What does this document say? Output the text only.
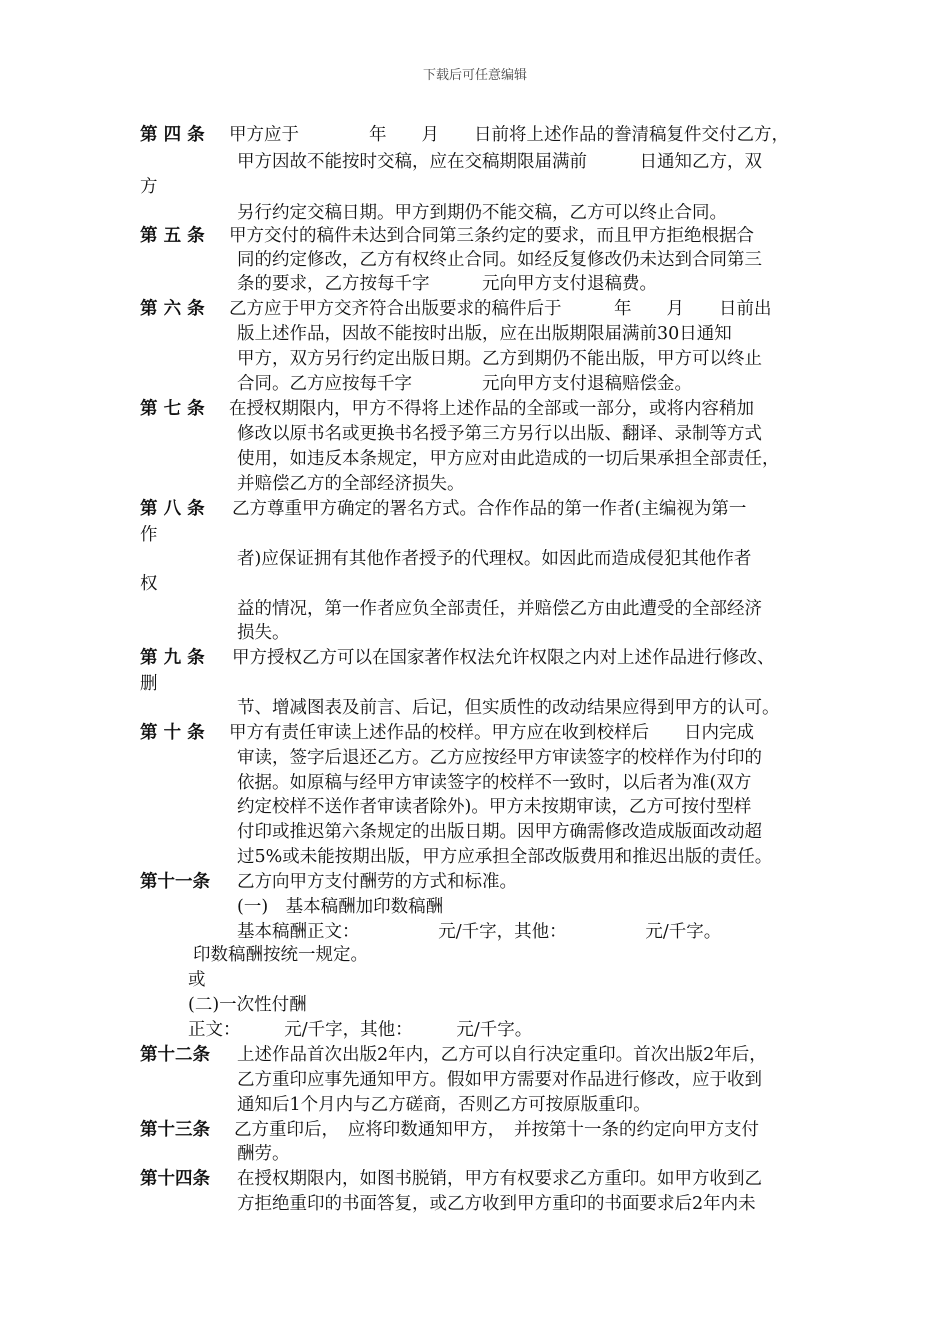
下载后可任意编辑
第 四 条 甲方应于　　　　年　　月　　日前将上述作品的誊清稿复件交付乙方，
甲方因故不能按时交稿，应在交稿期限届满前　　　日通知乙方，双
方
另行约定交稿日期。甲方到期仍不能交稿，乙方可以终止合同。
第 五 条 甲方交付的稿件未达到合同第三条约定的要求，而且甲方拒绝根据合
同的约定修改，乙方有权终止合同。如经反复修改仍未达到合同第三
条的要求，乙方按每千字　　　元向甲方支付退稿费。
第 六 条 乙方应于甲方交齐符合出版要求的稿件后于　　　年　　月　　日前出
版上述作品，因故不能按时出版，应在出版期限届满前30日通知
甲方，双方另行约定出版日期。乙方到期仍不能出版，甲方可以终止
合同。乙方应按每千字　　　　元向甲方支付退稿赔偿金。
第 七 条 在授权期限内，甲方不得将上述作品的全部或一部分，或将内容稍加
修改以原书名或更换书名授予第三方另行以出版、翻译、录制等方式
使用，如违反本条规定，甲方应对由此造成的一切后果承担全部责任，
并赔偿乙方的全部经济损失。
第 八 条 乙方尊重甲方确定的署名方式。合作作品的第一作者(主编视为第一
作
者)应保证拥有其他作者授予的代理权。如因此而造成侵犯其他作者
权
益的情况，第一作者应负全部责任，并赔偿乙方由此遭受的全部经济
损失。
第 九 条 甲方授权乙方可以在国家著作权法允许权限之内对上述作品进行修改、
删
节、增减图表及前言、后记，但实质性的改动结果应得到甲方的认可。
第 十 条 甲方有责任审读上述作品的校样。甲方应在收到校样后　　日内完成
审读，签字后退还乙方。乙方应按经甲方审读签字的校样作为付印的
依据。如原稿与经甲方审读签字的校样不一致时，以后者为准(双方
约定校样不送作者审读者除外)。甲方未按期审读，乙方可按付型样
付印或推迟第六条规定的出版日期。因甲方确需修改造成版面改动超
过5%或未能按期出版，甲方应承担全部改版费用和推迟出版的责任。
第十一条 乙方向甲方支付酬劳的方式和标准。
(一)　基本稿酬加印数稿酬
基本稿酬正文：　　　　　元/千字，其他：　　　　　元/千字。
印数稿酬按统一规定。
或
(二)一次性付酬
正文：　　　元/千字，其他：　　　元/千字。
第十二条 上述作品首次出版2年内，乙方可以自行决定重印。首次出版2年后，
乙方重印应事先通知甲方。假如甲方需要对作品进行修改，应于收到
通知后1个月内与乙方磋商，否则乙方可按原版重印。
第十三条 乙方重印后，　应将印数通知甲方，　并按第十一条的约定向甲方支付
酬劳。
第十四条 在授权期限内，如图书脱销，甲方有权要求乙方重印。如甲方收到乙
方拒绝重印的书面答复，或乙方收到甲方重印的书面要求后2年内未
